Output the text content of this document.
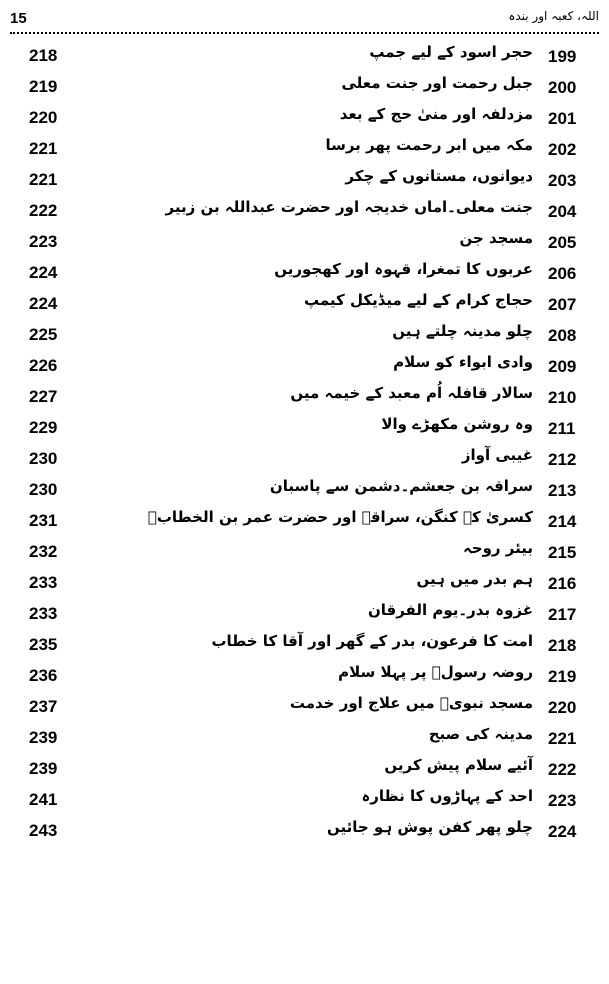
15	اللہ، کعبہ اور بندہ
218	حجر اسود کے لیے جمپ 199
219	جبل رحمت اور جنت معلی 200
220	مزدلفہ اور منیٰ حج کے بعد 201
221	مکہ میں ابر رحمت پھر برسا 202
221	دیوانوں، مستانوں کے چکر 203
222	جنت معلی۔اماں خدیجہ اور حضرت عبداللہ بن زبیر 204
223	مسجد جن 205
224	عربوں کا تمغرا، قہوہ اور کھجوریں 206
224	حجاج کرام کے لیے میڈیکل کیمپ 207
225	چلو مدینہ چلتے ہیں 208
226	وادی ابواء کو سلام 209
227	سالار قافلہ اُم معبد کے خیمہ میں 210
229	وہ روشن مکھڑے والا 211
230	غیبی آواز 212
230	سراقہ بن جعشم۔دشمن سے پاسبان 213
231	کسریٰ کے کنگن، سراقہ اور حضرت عمر بن الخطابؓ 214
232	بیئر روحہ 215
233	ہم بدر میں ہیں 216
233	غزوہ بدر۔یوم الفرقان 217
235	امت کا فرعون، بدر کے گھر اور آقا کا خطاب 218
236	روضہ رسولؐ پر پہلا سلام 219
237	مسجد نبویؐ میں علاج اور خدمت 220
239	مدینہ کی صبح 221
239	آئیے سلام پیش کریں 222
241	احد کے پہاڑوں کا نظارہ 223
243	چلو پھر کفن پوش ہو جائیں 224
